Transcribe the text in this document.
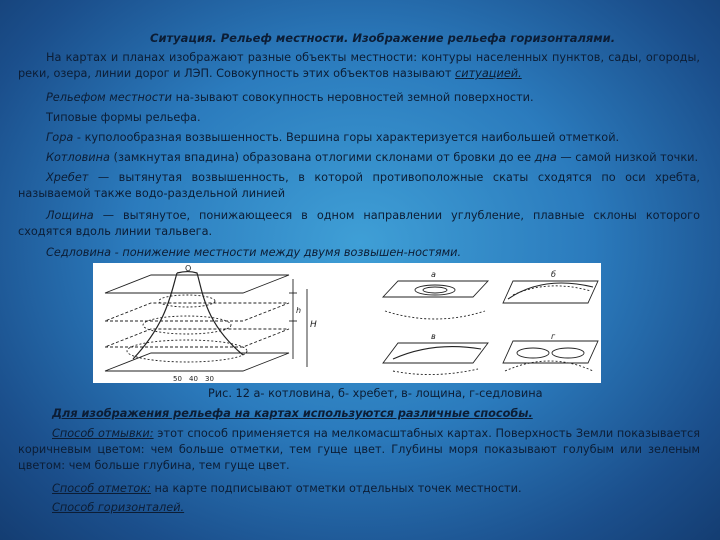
Ситуация. Рельеф местности. Изображение рельефа горизонталями.
На картах и планах изображают разные объекты местности: контуры населенных пунктов, сады, огороды, реки, озера, линии дорог и ЛЭП. Совокупность этих объектов называют ситуацией.
Рельефом местности на-зывают совокупность неровностей земной поверхности.
Типовые формы рельефа.
Гора - куполообразная возвышенность. Вершина горы характеризуется наибольшей отметкой.
Котловина (замкнутая впадина) образована отлогими склонами от бровки до ее дна — самой низкой точки.
Хребет — вытянутая возвышенность, в которой противоположные скаты сходятся по оси хребта, называемой также водо-раздельной линией
Лощина — вытянутое, понижающееся в одном направлении углубление, плавные склоны которого сходятся вдоль линии тальвега.
Седловина - понижение местности между двумя возвышен-ностями.
О
h
H
50 40 30
а	б
в	г
Рис. 12 а- котловина, б- хребет, в- лощина, г-седловина
Для изображения рельефа на картах используются различные способы.
Способ отмывки: этот способ применяется на мелкомасштабных картах. Поверхность Земли показывается коричневым цветом: чем больше отметки, тем гуще цвет. Глубины моря показывают голубым или зеленым цветом: чем больше глубина, тем гуще цвет.
Способ отметок: на карте подписывают отметки отдельных точек местности.
Способ горизонталей.
